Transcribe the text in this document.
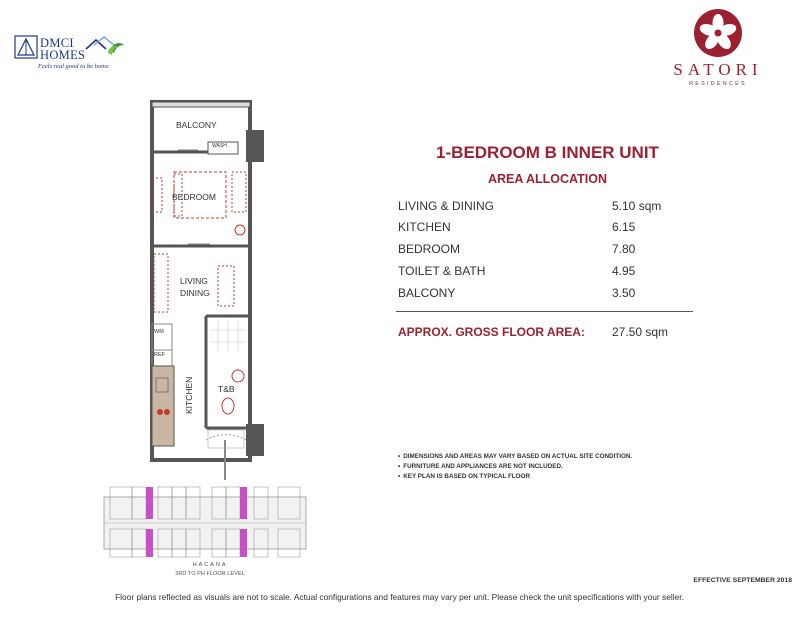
DMCI
HOMES
Feels real good to be home	SATORI
RESIDENCES
BALCONY
WASH
BEDROOM
LIVING
DINING
WM
REF
KITCHEN	T&B
HACANA
3RD TO PH FLOOR LEVEL
1-BEDROOM B INNER UNIT
AREA ALLOCATION
LIVING & DINING	5.10 sqm
KITCHEN	6.15
BEDROOM	7.80
TOILET & BATH	4.95
BALCONY	3.50
APPROX. GROSS FLOOR AREA: 27.50 sqm
• DIMENSIONS AND AREAS MAY VARY BASED ON ACTUAL SITE CONDITION.
• FURNITURE AND APPLIANCES ARE NOT INCLUDED.
• KEY PLAN IS BASED ON TYPICAL FLOOR
EFFECTIVE SEPTEMBER 2018
Floor plans reflected as visuals are not to scale. Actual configurations and features may vary per unit. Please check the unit specifications with your seller.
